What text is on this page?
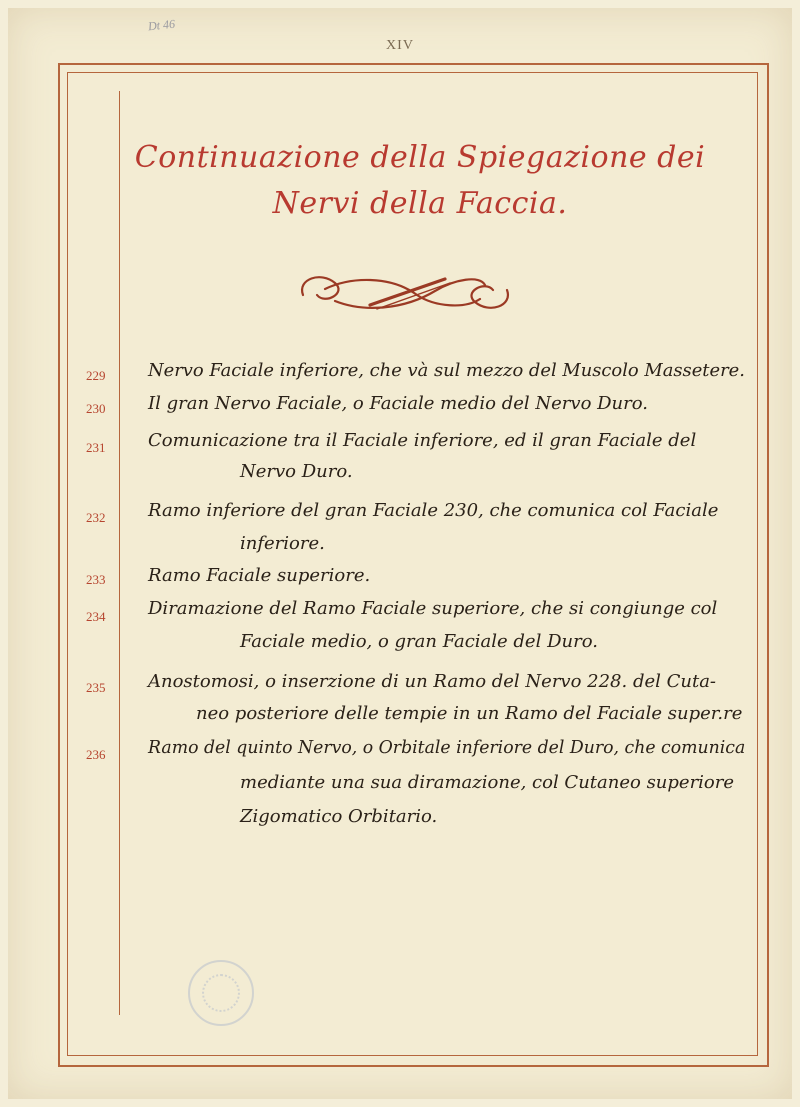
XIV
Dt 46
Continuazione della Spiegazione dei
Nervi della Faccia.
229	Nervo Faciale inferiore, che và sul mezzo del Muscolo Massetere.
230	Il gran Nervo Faciale, o Faciale medio del Nervo Duro.
231	Comunicazione tra il Faciale inferiore, ed il gran Faciale del
Nervo Duro.
232	Ramo inferiore del gran Faciale 230, che comunica col Faciale
inferiore.
233	Ramo Faciale superiore.
234	Diramazione del Ramo Faciale superiore, che si congiunge col
Faciale medio, o gran Faciale del Duro.
235	Anostomosi, o inserzione di un Ramo del Nervo 228. del Cuta-
neo posteriore delle tempie in un Ramo del Faciale super.re
236	Ramo del quinto Nervo, o Orbitale inferiore del Duro, che comunica
mediante una sua diramazione, col Cutaneo superiore
Zigomatico Orbitario.
